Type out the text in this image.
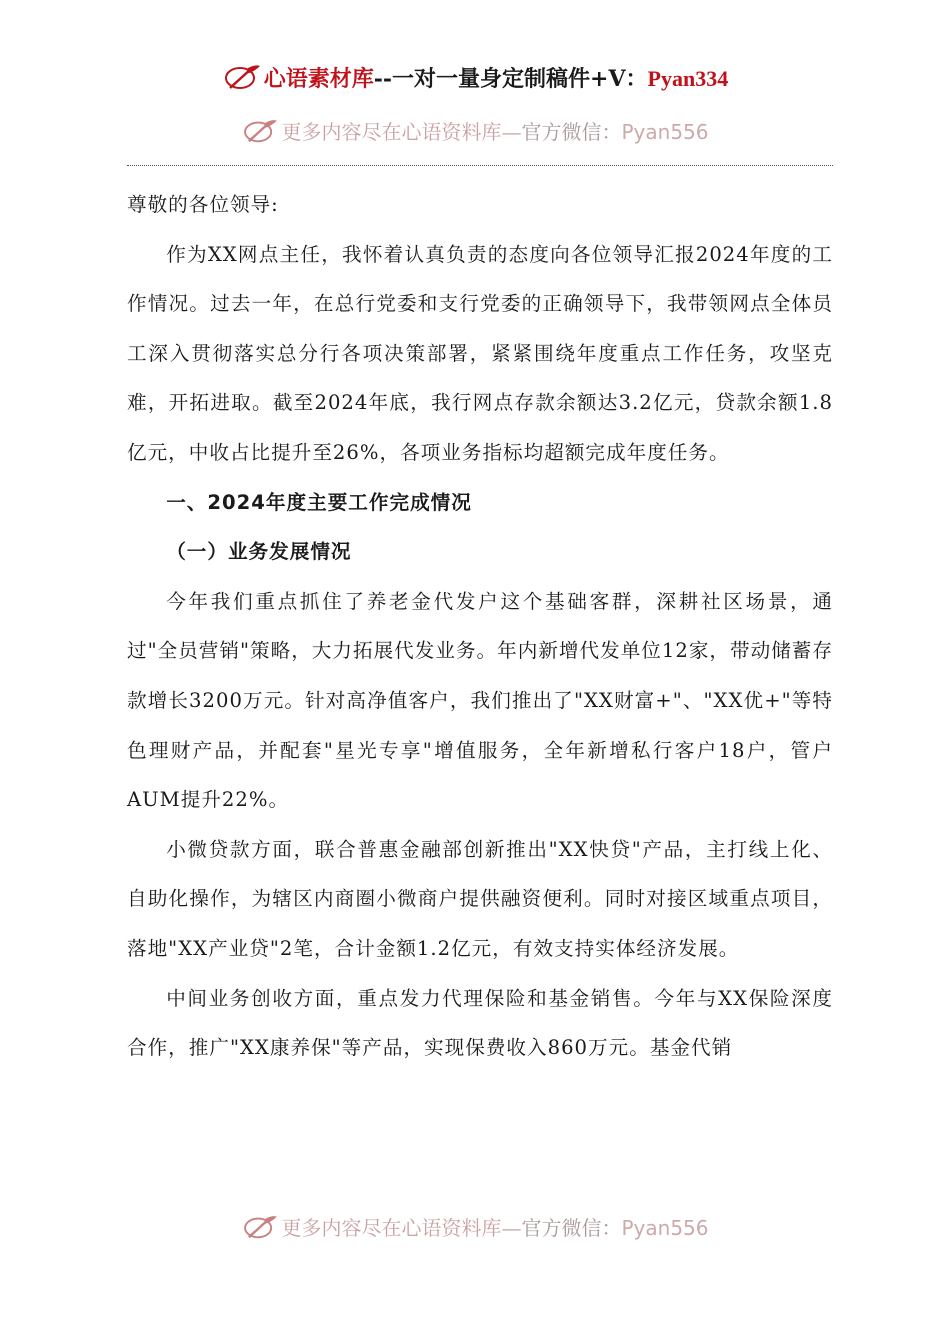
心语素材库--一对一量身定制稿件+V：Pyan334
更多内容尽在心语资料库—官方微信：Pyan556

尊敬的各位领导:

作为XX网点主任，我怀着认真负责的态度向各位领导汇报2024年度的工作情况。过去一年，在总行党委和支行党委的正确领导下，我带领网点全体员工深入贯彻落实总分行各项决策部署，紧紧围绕年度重点工作任务，攻坚克难，开拓进取。截至2024年底，我行网点存款余额达3.2亿元，贷款余额1.8亿元，中收占比提升至26%，各项业务指标均超额完成年度任务。

一、2024年度主要工作完成情况

（一）业务发展情况

今年我们重点抓住了养老金代发户这个基础客群，深耕社区场景，通过"全员营销"策略，大力拓展代发业务。年内新增代发单位12家，带动储蓄存款增长3200万元。针对高净值客户，我们推出了"XX财富+"、"XX优+"等特色理财产品，并配套"星光专享"增值服务，全年新增私行客户18户，管户AUM提升22%。

小微贷款方面，联合普惠金融部创新推出"XX快贷"产品，主打线上化、自助化操作，为辖区内商圈小微商户提供融资便利。同时对接区域重点项目，落地"XX产业贷"2笔，合计金额1.2亿元，有效支持实体经济发展。

中间业务创收方面，重点发力代理保险和基金销售。今年与XX保险深度合作，推广"XX康养保"等产品，实现保费收入860万元。基金代销

更多内容尽在心语资料库—官方微信：Pyan556
